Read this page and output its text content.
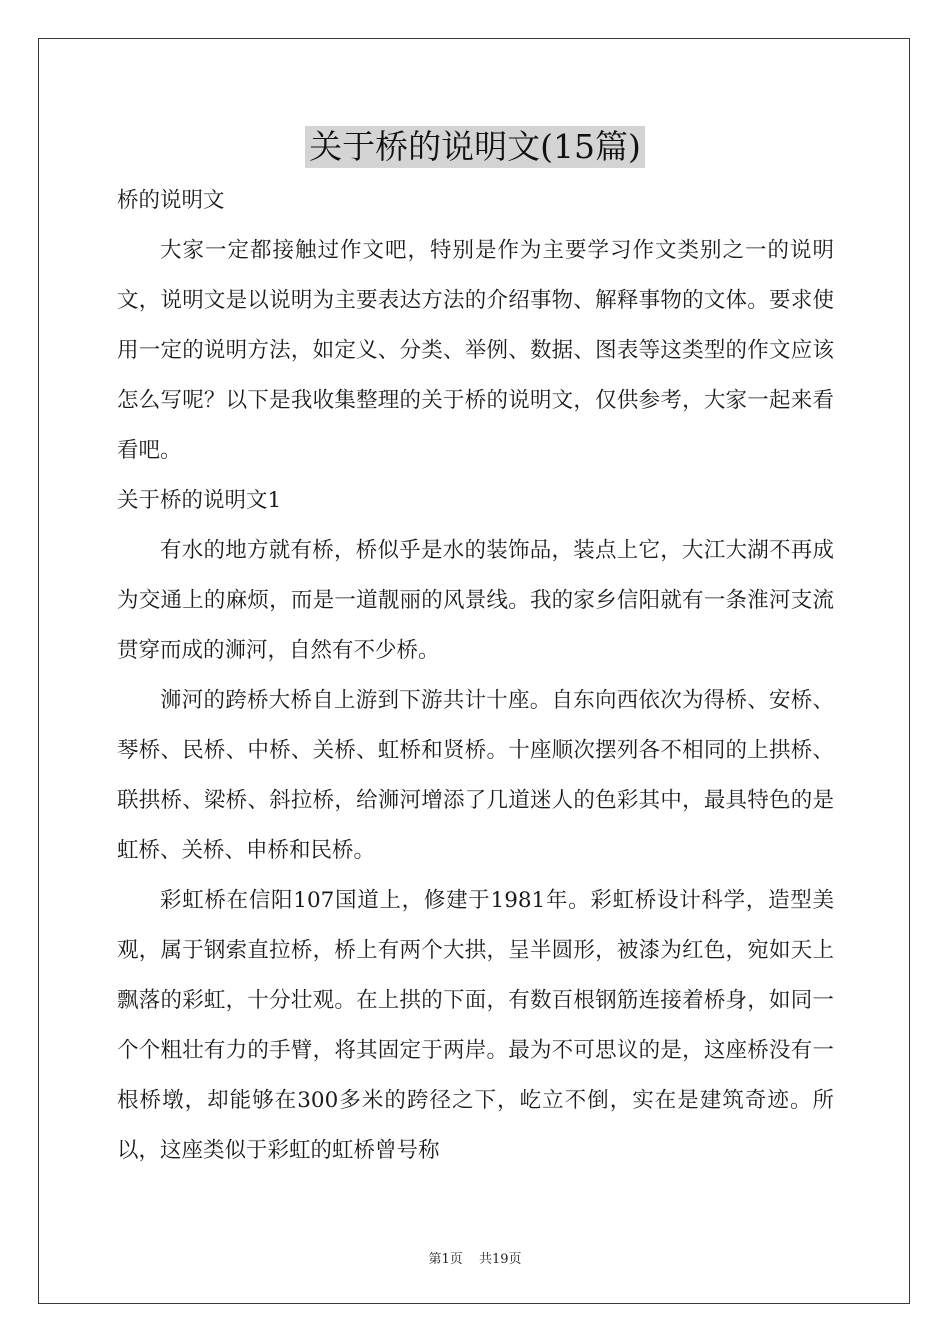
关于桥的说明文(15篇)

桥的说明文

大家一定都接触过作文吧，特别是作为主要学习作文类别之一的说明文，说明文是以说明为主要表达方法的介绍事物、解释事物的文体。要求使用一定的说明方法，如定义、分类、举例、数据、图表等这类型的作文应该怎么写呢？以下是我收集整理的关于桥的说明文，仅供参考，大家一起来看看吧。

关于桥的说明文1

有水的地方就有桥，桥似乎是水的装饰品，装点上它，大江大湖不再成为交通上的麻烦，而是一道靓丽的风景线。我的家乡信阳就有一条淮河支流贯穿而成的浉河，自然有不少桥。

浉河的跨桥大桥自上游到下游共计十座。自东向西依次为得桥、安桥、琴桥、民桥、中桥、关桥、虹桥和贤桥。十座顺次摆列各不相同的上拱桥、联拱桥、梁桥、斜拉桥，给浉河增添了几道迷人的色彩其中，最具特色的是虹桥、关桥、申桥和民桥。

彩虹桥在信阳107国道上，修建于1981年。彩虹桥设计科学，造型美观，属于钢索直拉桥，桥上有两个大拱，呈半圆形，被漆为红色，宛如天上飘落的彩虹，十分壮观。在上拱的下面，有数百根钢筋连接着桥身，如同一个个粗壮有力的手臂，将其固定于两岸。最为不可思议的是，这座桥没有一根桥墩，却能够在300多米的跨径之下，屹立不倒，实在是建筑奇迹。所以，这座类似于彩虹的虹桥曾号称

第1页 共19页
